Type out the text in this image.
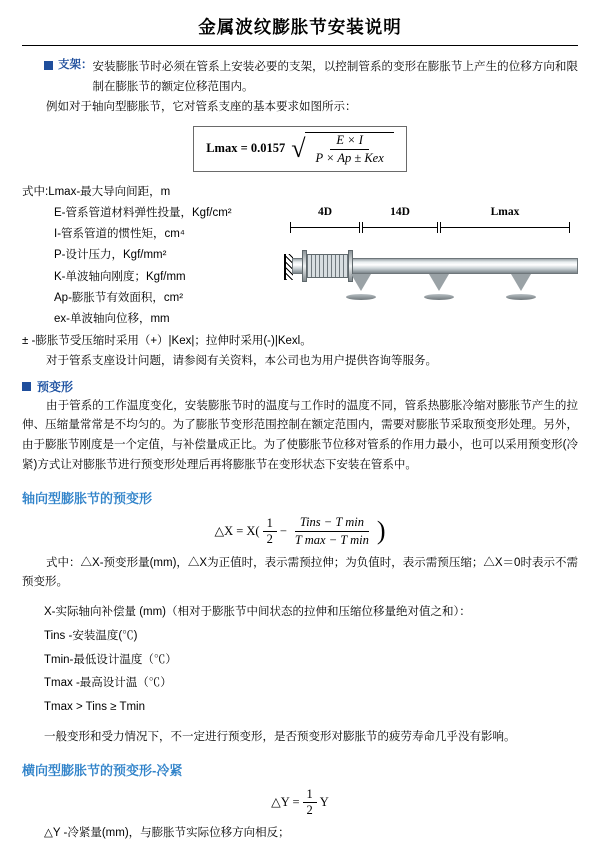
金属波纹膨胀节安装说明
支架： 安装膨胀节时必须在管系上安装必要的支架，以控制管系的变形在膨胀节上产生的位移方向和限制在膨胀节的额定位移范围内。

例如对于轴向型膨胀节，它对管系支座的基本要求如图所示：

Lmax = 0.0157 √ $\frac{E \times I}{\text{P × Ap ± Kex}}$
式中:Lmax-最大导向间距，m
E-管系管道材料弹性投量，Kgf/cm²
I-管系管道的惯性矩，cm⁴
P-设计压力，Kgf/mm²
K-单波轴向刚度；Kgf/mm
Ap-膨胀节有效面积，cm²
ex-单波轴向位移，mm
± -膨胀节受压缩时采用（+）|Kex|；拉伸时采用(-)|Kexl。
4D	14D	Lmax

对于管系支座设计问题，请参阅有关资料，本公司也为用户提供咨询等服务。

预变形

由于管系的工作温度变化，安装膨胀节时的温度与工作时的温度不同，管系热膨胀冷缩对膨胀节产生的拉伸、压缩量常常是不均匀的。为了膨胀节变形范围控制在额定范围内，需要对膨胀节采取预变形处理。另外，由于膨胀节刚度是一个定值，与补偿量成正比。为了使膨胀节位移对管系的作用力最小，也可以采用预变形(冷紧)方式让对膨胀节进行预变形处理后再将膨胀节在变形状态下安装在管系中。

轴向型膨胀节的预变形
△X = $X( \frac{1}{2} - \frac{\text{Tins − T min}}{\text{T max − T min}}$ )

式中：△X-预变形量(mm)，△X为正值时，表示需预拉伸；为负值时，表示需预压缩；△X＝0时表示不需预变形。

X-实际轴向补偿量 (mm)（相对于膨胀节中间状态的拉伸和压缩位移量绝对值之和）：
Tins -安装温度(℃)
Tmin-最低设计温度（℃）
Tmax -最高设计温（℃）
Tmax > Tins ≥ Tmin
一般变形和受力情况下，不一定进行预变形，是否预变形对膨胀节的疲劳寿命几乎没有影响。
横向型膨胀节的预变形-冷紧
△Y = $\frac{1}{2}$ Y
△Y -冷紧量(mm)，与膨胀节实际位移方向相反；
